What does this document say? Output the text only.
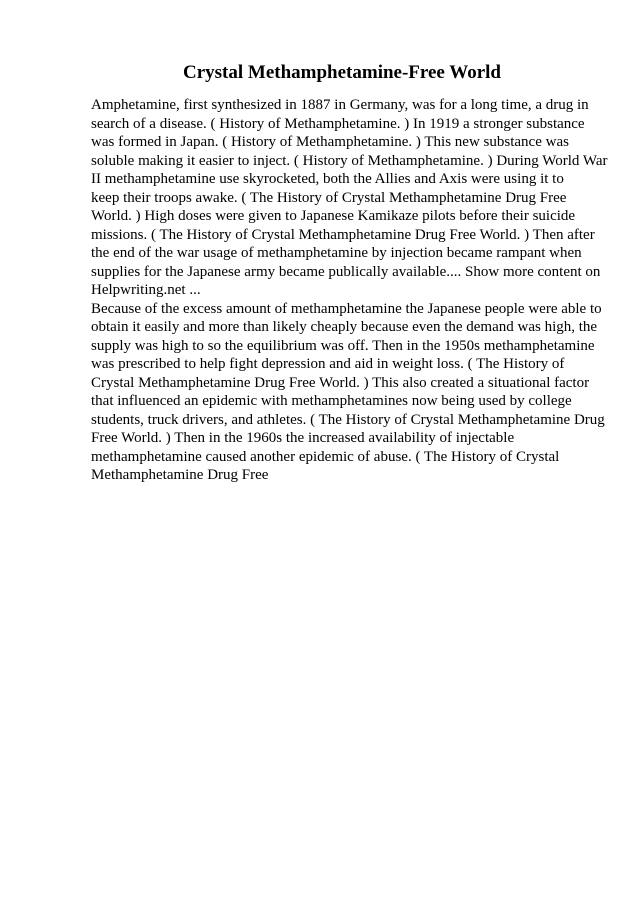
Crystal Methamphetamine-Free World
Amphetamine, first synthesized in 1887 in Germany, was for a long time, a drug in
search of a disease. ( History of Methamphetamine. ) In 1919 a stronger substance
was formed in Japan. ( History of Methamphetamine. ) This new substance was
soluble making it easier to inject. ( History of Methamphetamine. ) During World War
II methamphetamine use skyrocketed, both the Allies and Axis were using it to
keep their troops awake. ( The History of Crystal Methamphetamine Drug Free
World. ) High doses were given to Japanese Kamikaze pilots before their suicide
missions. ( The History of Crystal Methamphetamine Drug Free World. ) Then after
the end of the war usage of methamphetamine by injection became rampant when
supplies for the Japanese army became publically available.... Show more content on
Helpwriting.net ...
Because of the excess amount of methamphetamine the Japanese people were able to
obtain it easily and more than likely cheaply because even the demand was high, the
supply was high to so the equilibrium was off. Then in the 1950s methamphetamine
was prescribed to help fight depression and aid in weight loss. ( The History of
Crystal Methamphetamine Drug Free World. ) This also created a situational factor
that influenced an epidemic with methamphetamines now being used by college
students, truck drivers, and athletes. ( The History of Crystal Methamphetamine Drug
Free World. ) Then in the 1960s the increased availability of injectable
methamphetamine caused another epidemic of abuse. ( The History of Crystal
Methamphetamine Drug Free
